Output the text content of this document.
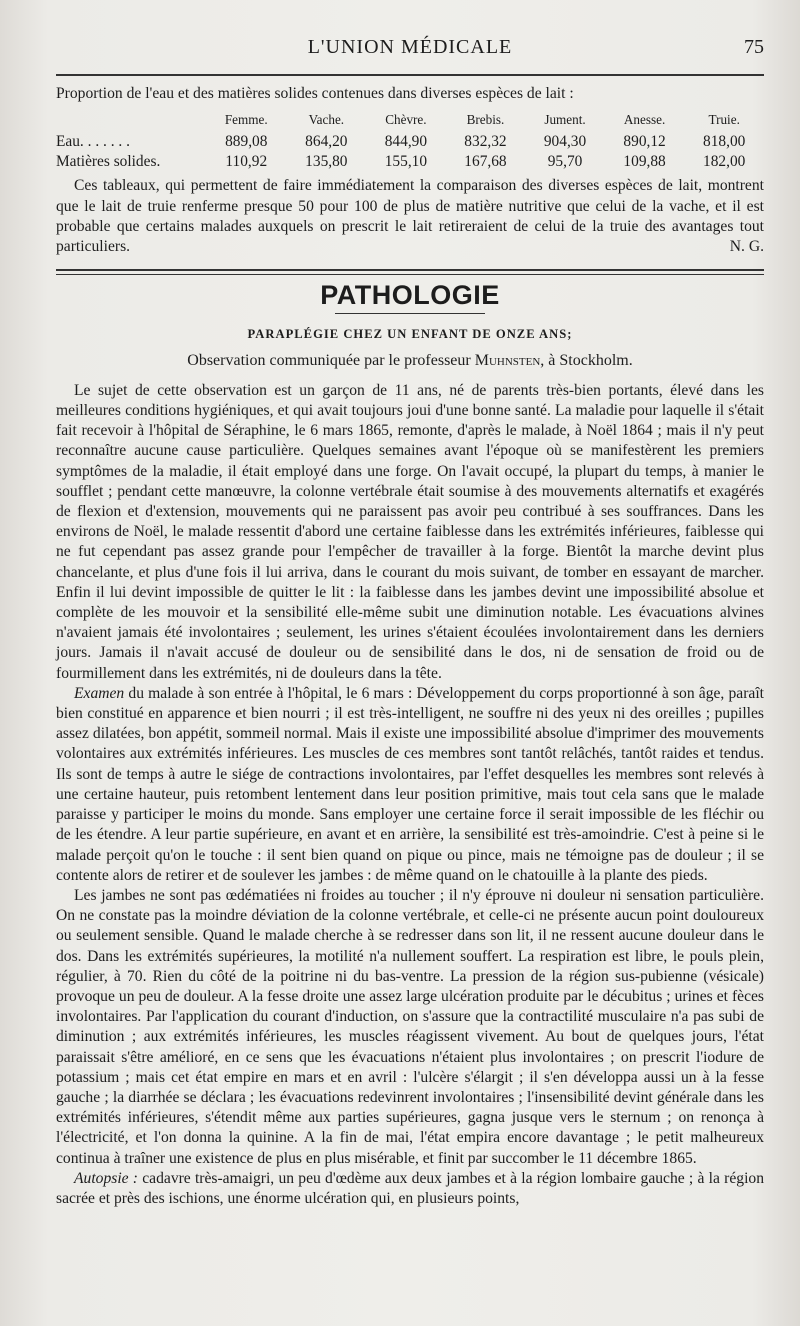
L'UNION MÉDICALE	75

Proportion de l'eau et des matières solides contenues dans diverses espèces de lait :

	Femme.	Vache.	Chèvre.	Brebis.	Jument.	Anesse.	Truie.
Eau. . . . . . .	889,08	864,20	844,90	832,32	904,30	890,12	818,00
Matières solides.	110,92	135,80	155,10	167,68	95,70	109,88	182,00

Ces tableaux, qui permettent de faire immédiatement la comparaison des diverses espèces de lait, montrent que le lait de truie renferme presque 50 pour 100 de plus de matière nutritive que celui de la vache, et il est probable que certains malades auxquels on prescrit le lait retireraient de celui de la truie des avantages tout particuliers.	N. G.

PATHOLOGIE
PARAPLÉGIE CHEZ UN ENFANT DE ONZE ANS;
Observation communiquée par le professeur Muhnsten, à Stockholm.

Le sujet de cette observation est un garçon de 11 ans, né de parents très-bien portants, élevé dans les meilleures conditions hygiéniques, et qui avait toujours joui d'une bonne santé. La maladie pour laquelle il s'était fait recevoir à l'hôpital de Séraphine, le 6 mars 1865, remonte, d'après le malade, à Noël 1864 ; mais il n'y peut reconnaître aucune cause particulière. Quelques semaines avant l'époque où se manifestèrent les premiers symptômes de la maladie, il était employé dans une forge. On l'avait occupé, la plupart du temps, à manier le soufflet ; pendant cette manœuvre, la colonne vertébrale était soumise à des mouvements alternatifs et exagérés de flexion et d'extension, mouvements qui ne paraissent pas avoir peu contribué à ses souffrances. Dans les environs de Noël, le malade ressentit d'abord une certaine faiblesse dans les extrémités inférieures, faiblesse qui ne fut cependant pas assez grande pour l'empêcher de travailler à la forge. Bientôt la marche devint plus chancelante, et plus d'une fois il lui arriva, dans le courant du mois suivant, de tomber en essayant de marcher. Enfin il lui devint impossible de quitter le lit : la faiblesse dans les jambes devint une impossibilité absolue et complète de les mouvoir et la sensibilité elle-même subit une diminution notable. Les évacuations alvines n'avaient jamais été involontaires ; seulement, les urines s'étaient écoulées involontairement dans les derniers jours. Jamais il n'avait accusé de douleur ou de sensibilité dans le dos, ni de sensation de froid ou de fourmillement dans les extrémités, ni de douleurs dans la tête.

Examen du malade à son entrée à l'hôpital, le 6 mars : Développement du corps proportionné à son âge, paraît bien constitué en apparence et bien nourri ; il est très-intelligent, ne souffre ni des yeux ni des oreilles ; pupilles assez dilatées, bon appétit, sommeil normal. Mais il existe une impossibilité absolue d'imprimer des mouvements volontaires aux extrémités inférieures. Les muscles de ces membres sont tantôt relâchés, tantôt raides et tendus. Ils sont de temps à autre le siége de contractions involontaires, par l'effet desquelles les membres sont relevés à une certaine hauteur, puis retombent lentement dans leur position primitive, mais tout cela sans que le malade paraisse y participer le moins du monde. Sans employer une certaine force il serait impossible de les fléchir ou de les étendre. A leur partie supérieure, en avant et en arrière, la sensibilité est très-amoindrie. C'est à peine si le malade perçoit qu'on le touche : il sent bien quand on pique ou pince, mais ne témoigne pas de douleur ; il se contente alors de retirer et de soulever les jambes : de même quand on le chatouille à la plante des pieds.

Les jambes ne sont pas œdématiées ni froides au toucher ; il n'y éprouve ni douleur ni sensation particulière. On ne constate pas la moindre déviation de la colonne vertébrale, et celle-ci ne présente aucun point douloureux ou seulement sensible. Quand le malade cherche à se redresser dans son lit, il ne ressent aucune douleur dans le dos. Dans les extrémités supérieures, la motilité n'a nullement souffert. La respiration est libre, le pouls plein, régulier, à 70. Rien du côté de la poitrine ni du bas-ventre. La pression de la région sus-pubienne (vésicale) provoque un peu de douleur. A la fesse droite une assez large ulcération produite par le décubitus ; urines et fèces involontaires. Par l'application du courant d'induction, on s'assure que la contractilité musculaire n'a pas subi de diminution ; aux extrémités inférieures, les muscles réagissent vivement. Au bout de quelques jours, l'état paraissait s'être amélioré, en ce sens que les évacuations n'étaient plus involontaires ; on prescrit l'iodure de potassium ; mais cet état empire en mars et en avril : l'ulcère s'élargit ; il s'en développa aussi un à la fesse gauche ; la diarrhée se déclara ; les évacuations redevinrent involontaires ; l'insensibilité devint générale dans les extrémités inférieures, s'étendit même aux parties supérieures, gagna jusque vers le sternum ; on renonça à l'électricité, et l'on donna la quinine. A la fin de mai, l'état empira encore davantage ; le petit malheureux continua à traîner une existence de plus en plus misérable, et finit par succomber le 11 décembre 1865.

Autopsie : cadavre très-amaigri, un peu d'œdème aux deux jambes et à la région lombaire gauche ; à la région sacrée et près des ischions, une énorme ulcération qui, en plusieurs points,
